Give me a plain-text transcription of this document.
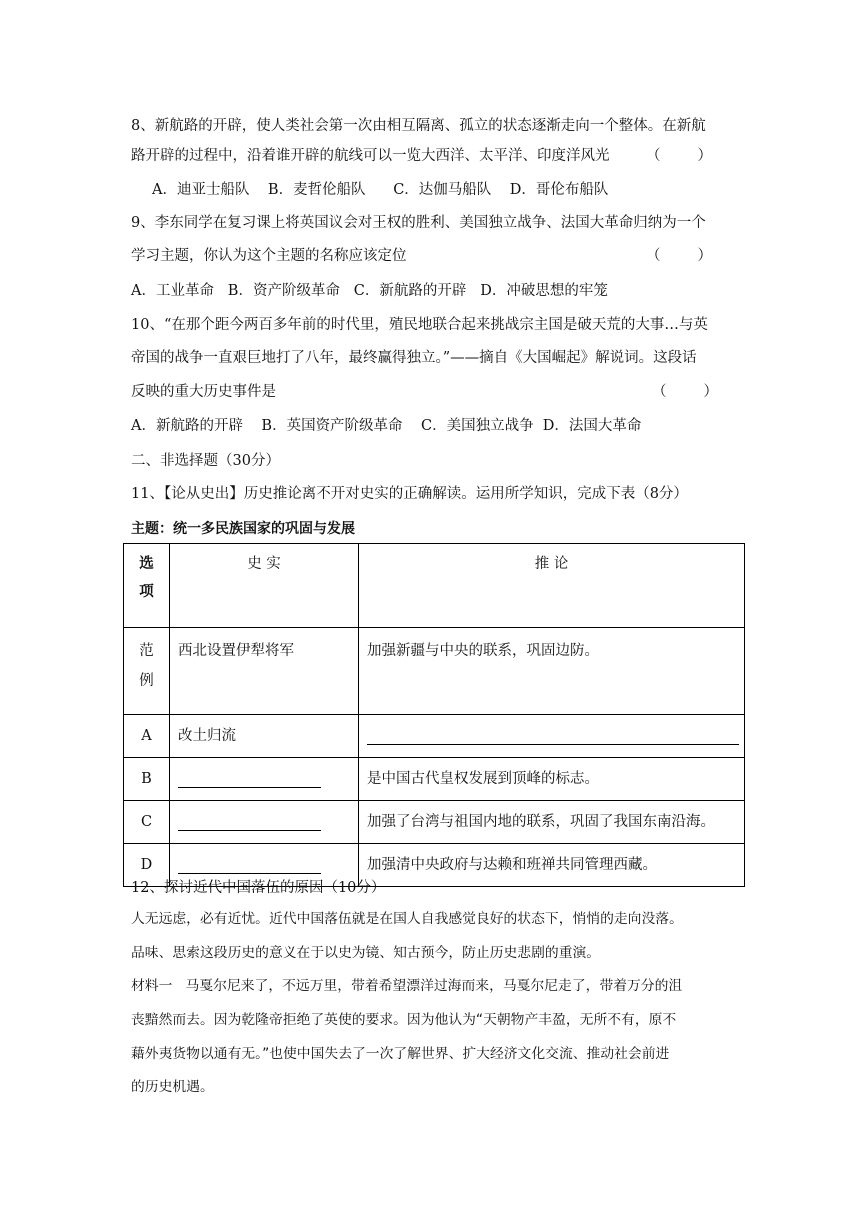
8、新航路的开辟，使人类社会第一次由相互隔离、孤立的状态逐渐走向一个整体。在新航
路开辟的过程中，沿着谁开辟的航线可以一览大西洋、太平洋、印度洋风光	（	）
A．迪亚士船队    B．麦哲伦船队      C．达伽马船队    D．哥伦布船队
9、李东同学在复习课上将英国议会对王权的胜利、美国独立战争、法国大革命归纳为一个
学习主题，你认为这个主题的名称应该定位	（	）
A．工业革命   B．资产阶级革命   C．新航路的开辟   D．冲破思想的牢笼
10、“在那个距今两百多年前的时代里，殖民地联合起来挑战宗主国是破天荒的大事…与英
帝国的战争一直艰巨地打了八年，最终赢得独立。”——摘自《大国崛起》解说词。这段话
反映的重大历史事件是	（	）
A．新航路的开辟    B．英国资产阶级革命    C．美国独立战争  D．法国大革命
二、非选择题（30分）
11、【论从史出】历史推论离不开对史实的正确解读。运用所学知识，完成下表（8分）
主题：统一多民族国家的巩固与发展
选
项	史 实	推 论

范
例	西北设置伊犁将军	加强新疆与中央的联系，巩固边防。
A	改土归流	
B		是中国古代皇权发展到顶峰的标志。
C		加强了台湾与祖国内地的联系，巩固了我国东南沿海。
D		加强清中央政府与达赖和班禅共同管理西藏。
12、探讨近代中国落伍的原因（10分）
人无远虑，必有近忧。近代中国落伍就是在国人自我感觉良好的状态下，悄悄的走向没落。
品味、思索这段历史的意义在于以史为镜、知古预今，防止历史悲剧的重演。
材料一   马戛尔尼来了，不远万里，带着希望漂洋过海而来，马戛尔尼走了，带着万分的沮
丧黯然而去。因为乾隆帝拒绝了英使的要求。因为他认为“天朝物产丰盈，无所不有，原不
藉外夷货物以通有无。”也使中国失去了一次了解世界、扩大经济文化交流、推动社会前进
的历史机遇。
